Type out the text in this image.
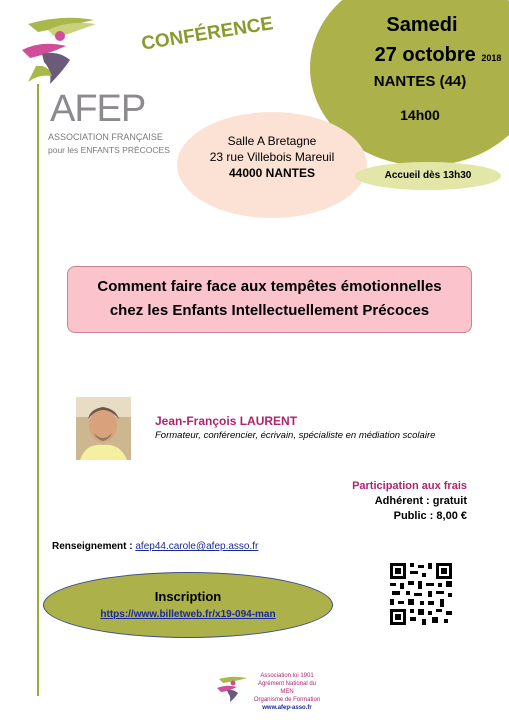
AFEP
ASSOCIATION FRANÇAISE
pour les ENFANTS PRÉCOCES
CONFÉRENCE	Samedi
27 octobre 2018
NANTES (44)
14h00
Salle A Bretagne
23 rue Villebois Mareuil
44000 NANTES	Accueil dès 13h30
Comment faire face aux tempêtes émotionnelles
chez les Enfants Intellectuellement Précoces
Jean-François LAURENT
Formateur, conférencier, écrivain, spécialiste en médiation scolaire
Participation aux frais
Adhérent : gratuit
Public : 8,00 €
Renseignement : afep44.carole@afep.asso.fr
Inscription
https://www.billetweb.fr/x19-094-man
Association loi 1901
Agrément National du MEN
Organisme de Formation
www.afep-asso.fr
